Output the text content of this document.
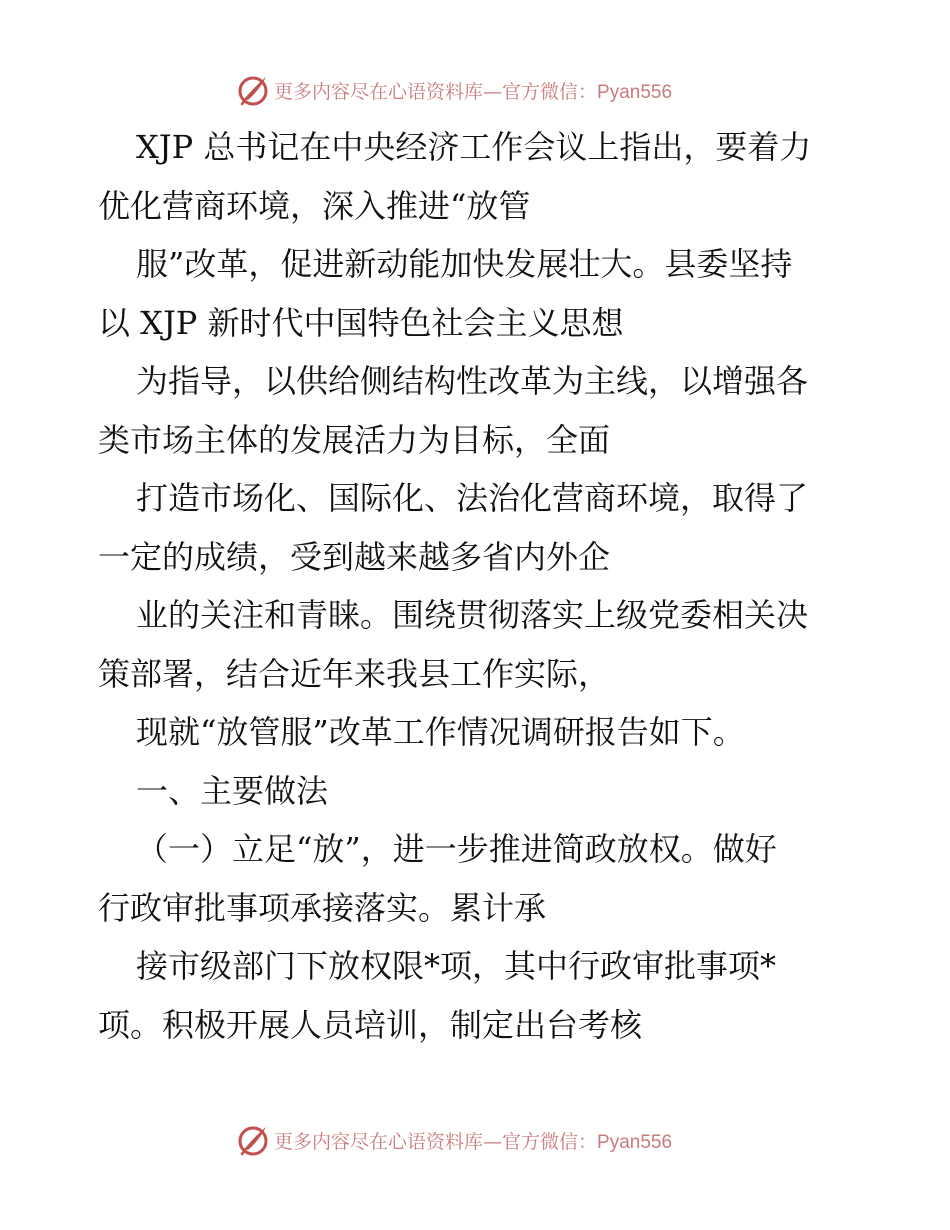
更多内容尽在心语资料库—官方微信：Pyan556
XJP 总书记在中央经济工作会议上指出，要着力
优化营商环境，深入推进“放管
服”改革，促进新动能加快发展壮大。县委坚持
以 XJP 新时代中国特色社会主义思想
为指导，以供给侧结构性改革为主线，以增强各
类市场主体的发展活力为目标，全面
打造市场化、国际化、法治化营商环境，取得了
一定的成绩，受到越来越多省内外企
业的关注和青睐。围绕贯彻落实上级党委相关决
策部署，结合近年来我县工作实际，
现就“放管服”改革工作情况调研报告如下。
一、主要做法
（一）立足“放”，进一步推进简政放权。做好
行政审批事项承接落实。累计承
接市级部门下放权限*项，其中行政审批事项*
项。积极开展人员培训，制定出台考核
更多内容尽在心语资料库—官方微信：Pyan556
